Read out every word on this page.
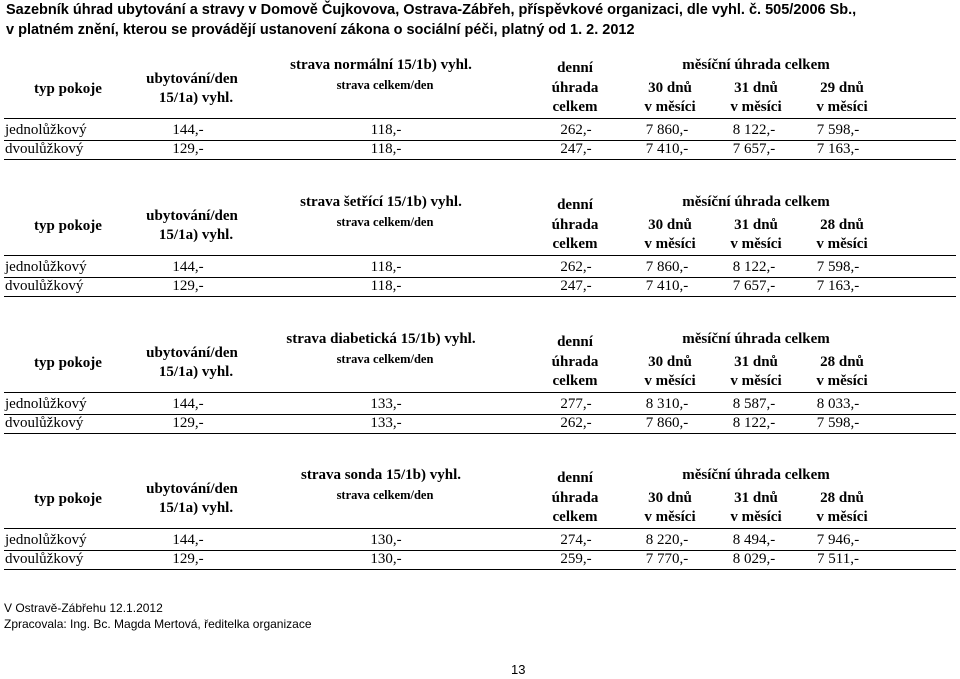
Sazebník úhrad ubytování a stravy v Domově Čujkovova, Ostrava-Zábřeh, příspěvkové organizaci, dle vyhl. č. 505/2006 Sb.,
v platném znění, kterou se provádějí ustanovení zákona o sociální péči, platný od 1. 2. 2012
typ pokoje
ubytování/den
15/1a) vyhl.
strava normální 15/1b) vyhl.
strava celkem/den
denní
úhrada
celkem
měsíční úhrada celkem
30 dnů
v měsíci
31 dnů
v měsíci
29 dnů
v měsíci
jednolůžkový	144,-	118,-	262,-	7 860,-	8 122,-	7 598,-
dvoulůžkový	129,-	118,-	247,-	7 410,-	7 657,-	7 163,-
typ pokoje
ubytování/den
15/1a) vyhl.
strava šetřící 15/1b) vyhl.
strava celkem/den
denní
úhrada
celkem
měsíční úhrada celkem
30 dnů
v měsíci
31 dnů
v měsíci
28 dnů
v měsíci
jednolůžkový	144,-	118,-	262,-	7 860,-	8 122,-	7 598,-
dvoulůžkový	129,-	118,-	247,-	7 410,-	7 657,-	7 163,-
typ pokoje
ubytování/den
15/1a) vyhl.
strava diabetická 15/1b) vyhl.
strava celkem/den
denní
úhrada
celkem
měsíční úhrada celkem
30 dnů
v měsíci
31 dnů
v měsíci
28 dnů
v měsíci
jednolůžkový	144,-	133,-	277,-	8 310,-	8 587,-	8 033,-
dvoulůžkový	129,-	133,-	262,-	7 860,-	8 122,-	7 598,-
typ pokoje
ubytování/den
15/1a) vyhl.
strava sonda 15/1b) vyhl.
strava celkem/den
denní
úhrada
celkem
měsíční úhrada celkem
30 dnů
v měsíci
31 dnů
v měsíci
28 dnů
v měsíci
jednolůžkový	144,-	130,-	274,-	8 220,-	8 494,-	7 946,-
dvoulůžkový	129,-	130,-	259,-	7 770,-	8 029,-	7 511,-
V Ostravě-Zábřehu 12.1.2012
Zpracovala: Ing. Bc. Magda Mertová, ředitelka organizace
13
